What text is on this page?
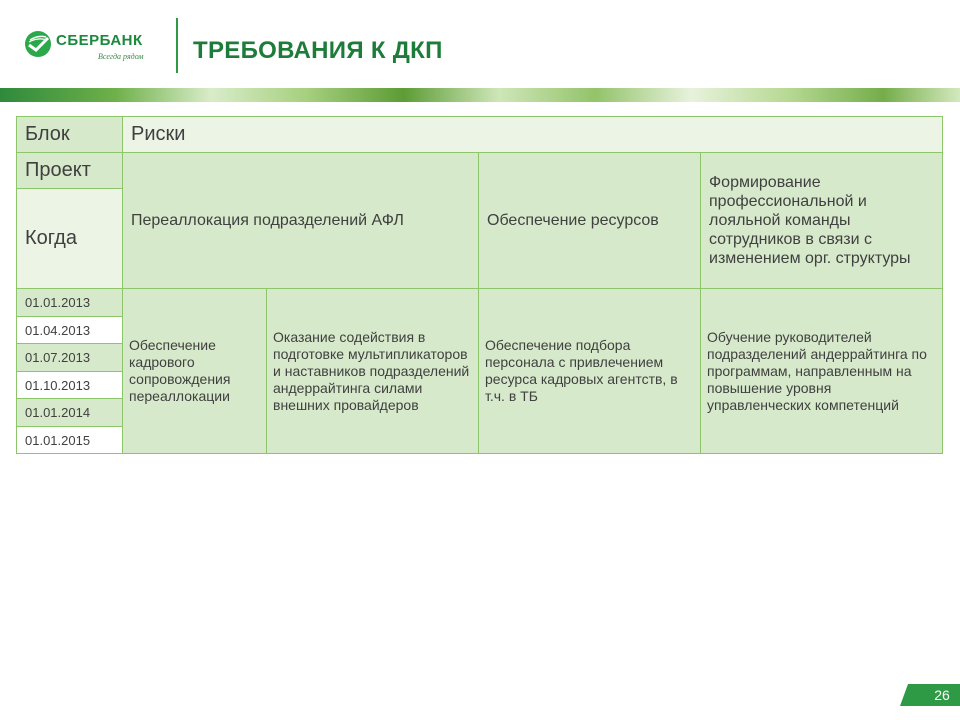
СБЕРБАНК
Всегда рядом ТРЕБОВАНИЯ К ДКП
Блок	Риски			
Проект	Переаллокация подразделений АФЛ		Обеспечение ресурсов	Формирование профессиональной и лояльной команды сотрудников в связи с изменением орг. структуры
Когда				
01.01.2013	Обеспечение кадрового сопровождения переаллокации	Оказание содействия в подготовке мультипликаторов и наставников подразделений андеррайтинга силами внешних провайдеров	Обеспечение подбора персонала с привлечением ресурса кадровых агентств, в т.ч. в ТБ	Обучение руководителей подразделений андеррайтинга по программам, направленным на повышение уровня управленческих компетенций
01.04.2013				
01.07.2013				
01.10.2013				
01.01.2014				
01.01.2015				
26
